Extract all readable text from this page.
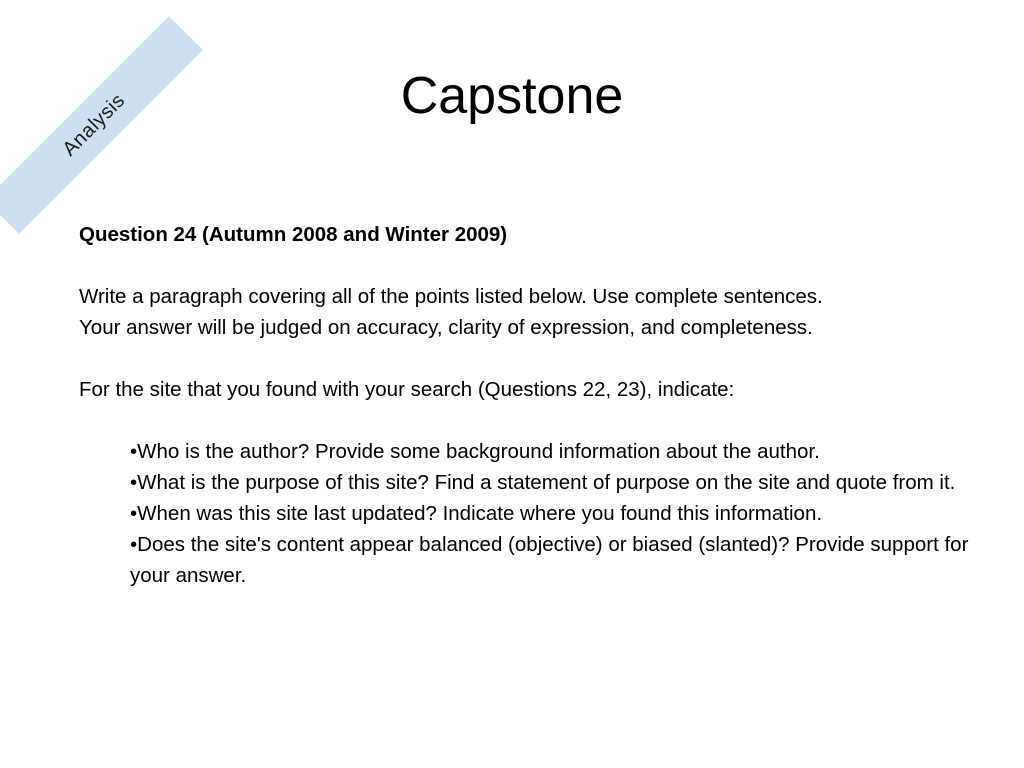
Analysis	Capstone

Question 24 (Autumn 2008 and Winter 2009)

Write a paragraph covering all of the points listed below. Use complete sentences.

Your answer will be judged on accuracy, clarity of expression, and completeness.

For the site that you found with your search (Questions 22, 23), indicate:

•Who is the author? Provide some background information about the author.
•What is the purpose of this site? Find a statement of purpose on the site and quote from it.
•When was this site last updated? Indicate where you found this information.
•Does the site's content appear balanced (objective) or biased (slanted)? Provide support for your answer.
